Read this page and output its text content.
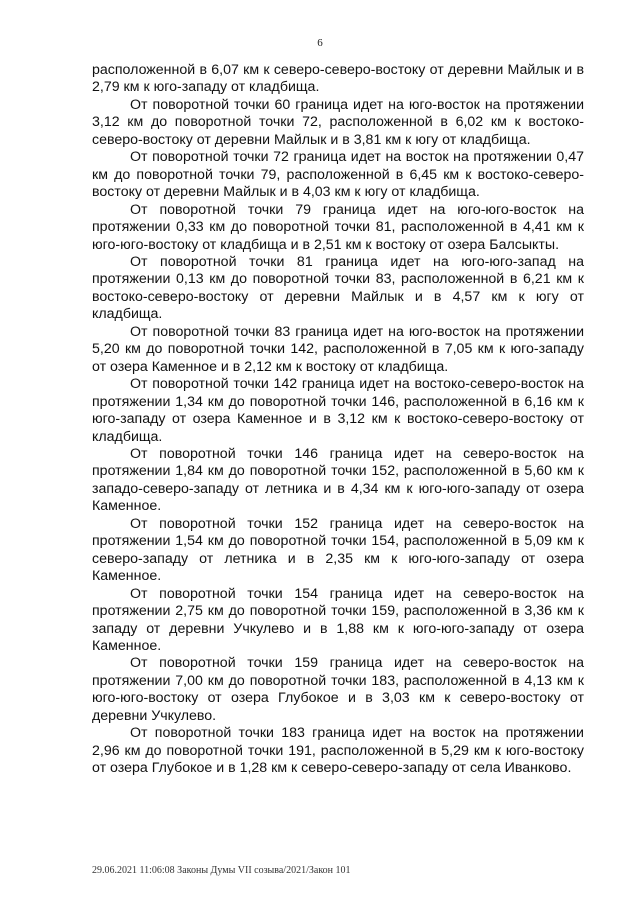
6

расположенной в 6,07 км к северо-северо-востоку от деревни Майлык и в 2,79 км к юго-западу от кладбища.

От поворотной точки 60 граница идет на юго-восток на протяжении 3,12 км до поворотной точки 72, расположенной в 6,02 км к востоко-северо-востоку от деревни Майлык и в 3,81 км к югу от кладбища.

От поворотной точки 72 граница идет на восток на протяжении 0,47 км до поворотной точки 79, расположенной в 6,45 км к востоко-северо-востоку от деревни Майлык и в 4,03 км к югу от кладбища.

От поворотной точки 79 граница идет на юго-юго-восток на протяжении 0,33 км до поворотной точки 81, расположенной в 4,41 км к юго-юго-востоку от кладбища и в 2,51 км к востоку от озера Балсыкты.

От поворотной точки 81 граница идет на юго-юго-запад на протяжении 0,13 км до поворотной точки 83, расположенной в 6,21 км к востоко-северо-востоку от деревни Майлык и в 4,57 км к югу от кладбища.

От поворотной точки 83 граница идет на юго-восток на протяжении 5,20 км до поворотной точки 142, расположенной в 7,05 км к юго-западу от озера Каменное и в 2,12 км к востоку от кладбища.

От поворотной точки 142 граница идет на востоко-северо-восток на протяжении 1,34 км до поворотной точки 146, расположенной в 6,16 км к юго-западу от озера Каменное и в 3,12 км к востоко-северо-востоку от кладбища.

От поворотной точки 146 граница идет на северо-восток на протяжении 1,84 км до поворотной точки 152, расположенной в 5,60 км к западо-северо-западу от летника и в 4,34 км к юго-юго-западу от озера Каменное.

От поворотной точки 152 граница идет на северо-восток на протяжении 1,54 км до поворотной точки 154, расположенной в 5,09 км к северо-западу от летника и в 2,35 км к юго-юго-западу от озера Каменное.

От поворотной точки 154 граница идет на северо-восток на протяжении 2,75 км до поворотной точки 159, расположенной в 3,36 км к западу от деревни Учкулево и в 1,88 км к юго-юго-западу от озера Каменное.

От поворотной точки 159 граница идет на северо-восток на протяжении 7,00 км до поворотной точки 183, расположенной в 4,13 км к юго-юго-востоку от озера Глубокое и в 3,03 км к северо-востоку от деревни Учкулево.

От поворотной точки 183 граница идет на восток на протяжении 2,96 км до поворотной точки 191, расположенной в 5,29 км к юго-востоку от озера Глубокое и в 1,28 км к северо-северо-западу от села Иванково.

29.06.2021 11:06:08 Законы Думы VII созыва/2021/Закон 101
